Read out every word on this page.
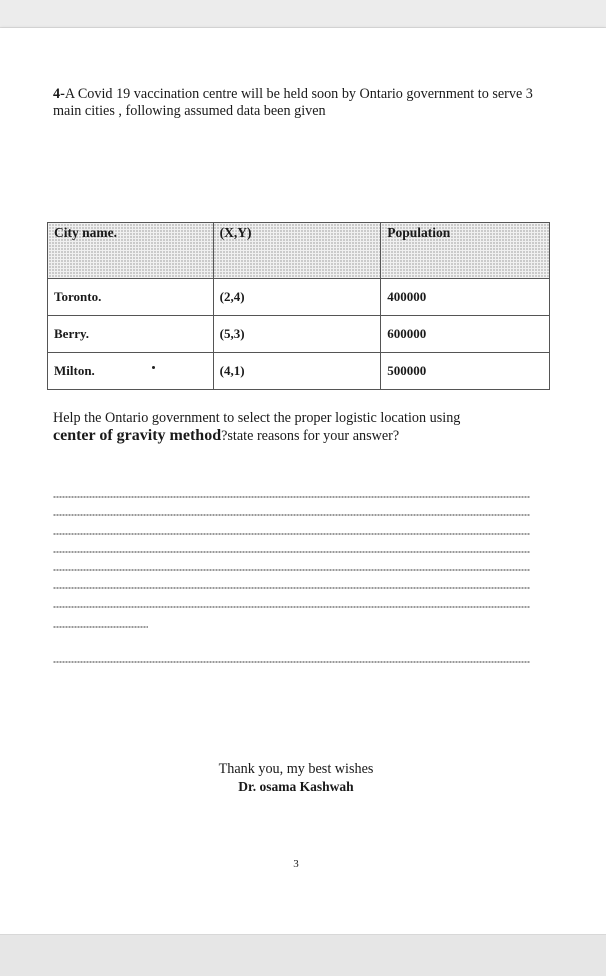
4-A Covid 19 vaccination centre will be held soon by Ontario government to serve 3 main cities , following assumed data been given
City name.	(X,Y)	Population
Toronto.	(2,4)	400000
Berry.	(5,3)	600000
Milton.	(4,1)	500000
Help the Ontario government to select the proper logistic location using
center of gravity method?state reasons for your answer?
Thank you, my best wishes
Dr. osama Kashwah
3
